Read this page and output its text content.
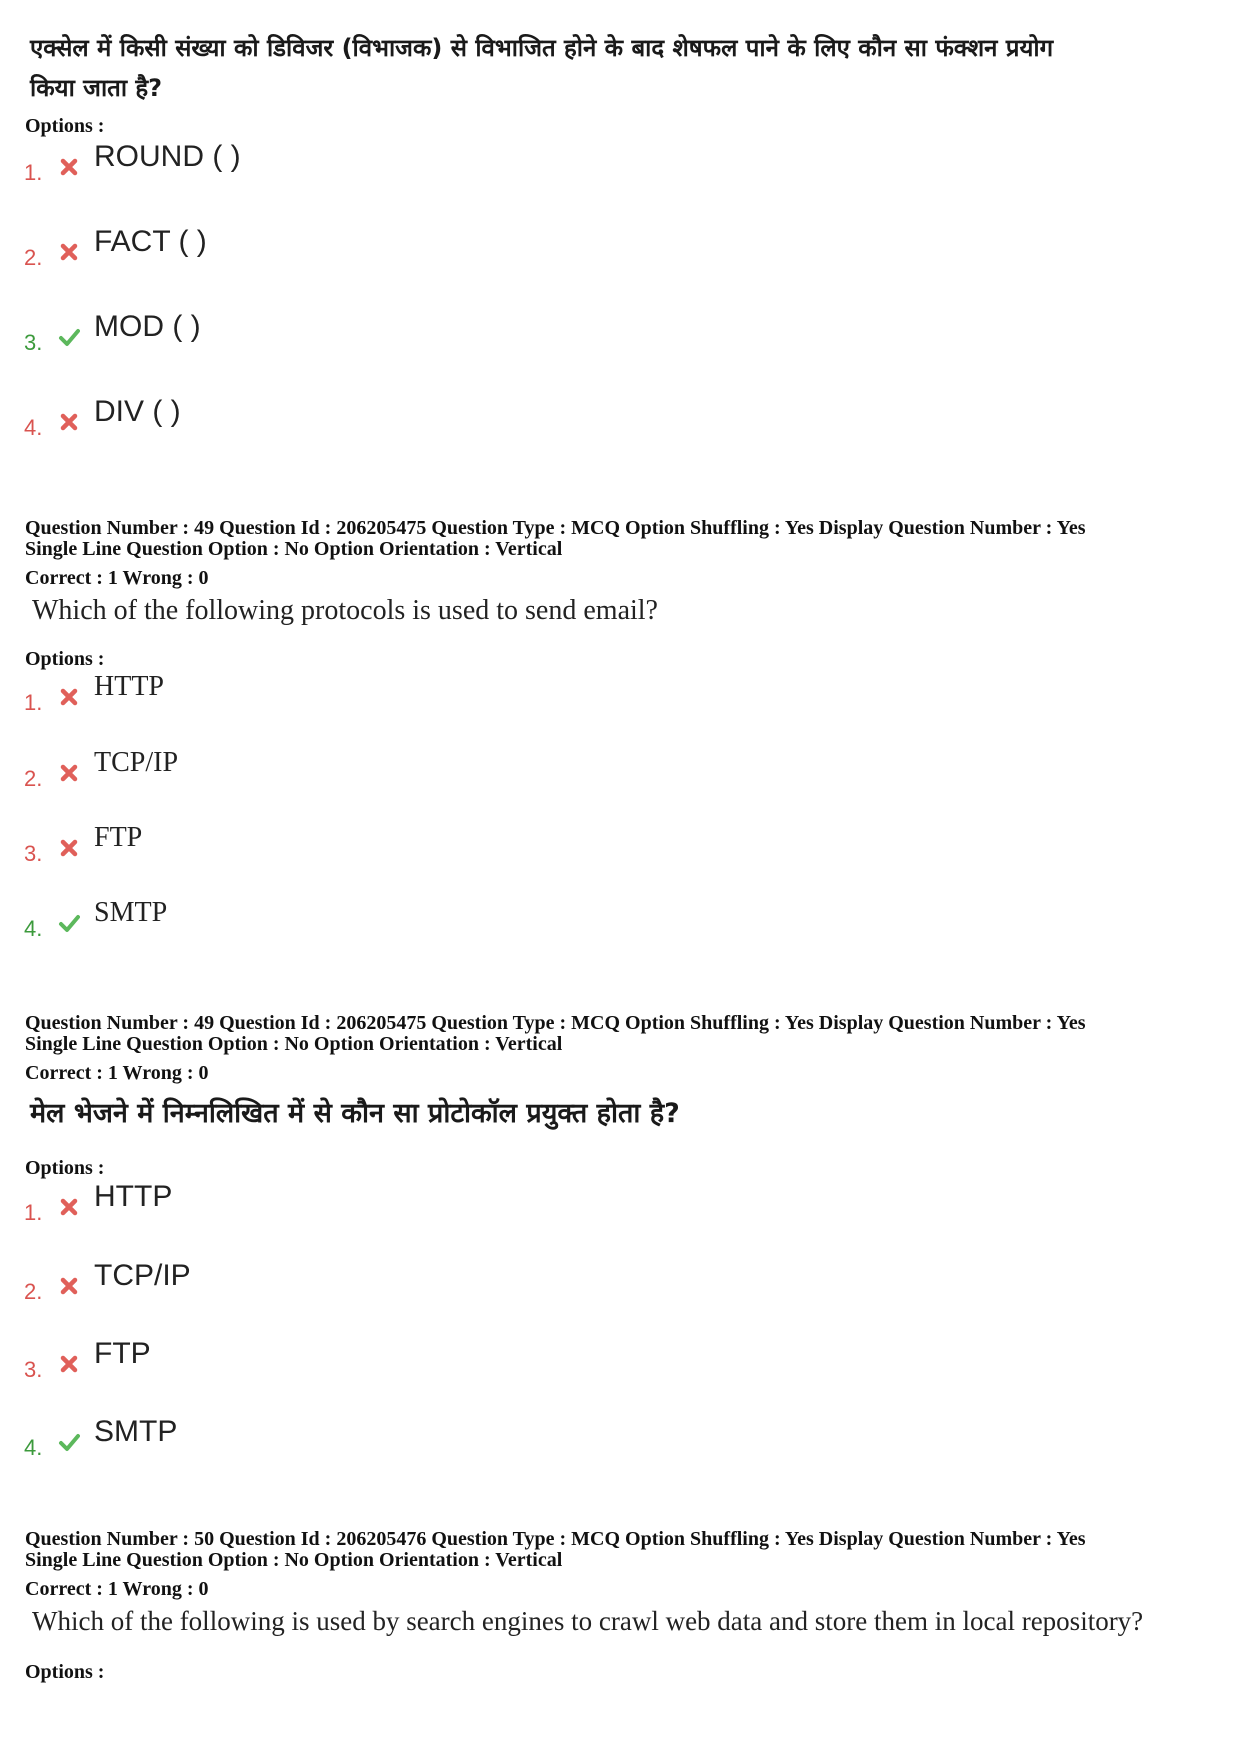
एक्सेल में किसी संख्या को डिविजर (विभाजक) से विभाजित होने के बाद शेषफल पाने के लिए कौन सा फंक्शन प्रयोग
किया जाता है?
Options :
1.	ROUND ( )
2.	FACT ( )
3.	MOD ( )
4.	DIV ( )
Question Number : 49 Question Id : 206205475 Question Type : MCQ Option Shuffling : Yes Display Question Number : Yes
Single Line Question Option : No Option Orientation : Vertical
Correct : 1 Wrong : 0
Which of the following protocols is used to send email?
Options :
1.
HTTP
2.
TCP/IP
3.
FTP
4.
SMTP
Question Number : 49 Question Id : 206205475 Question Type : MCQ Option Shuffling : Yes Display Question Number : Yes
Single Line Question Option : No Option Orientation : Vertical
Correct : 1 Wrong : 0
मेल भेजने में निम्नलिखित में से कौन सा प्रोटोकॉल प्रयुक्त होता है?
Options :
1.	HTTP
2.	TCP/IP
3.	FTP
4.	SMTP
Question Number : 50 Question Id : 206205476 Question Type : MCQ Option Shuffling : Yes Display Question Number : Yes
Single Line Question Option : No Option Orientation : Vertical
Correct : 1 Wrong : 0
Which of the following is used by search engines to crawl web data and store them in local repository?
Options :
